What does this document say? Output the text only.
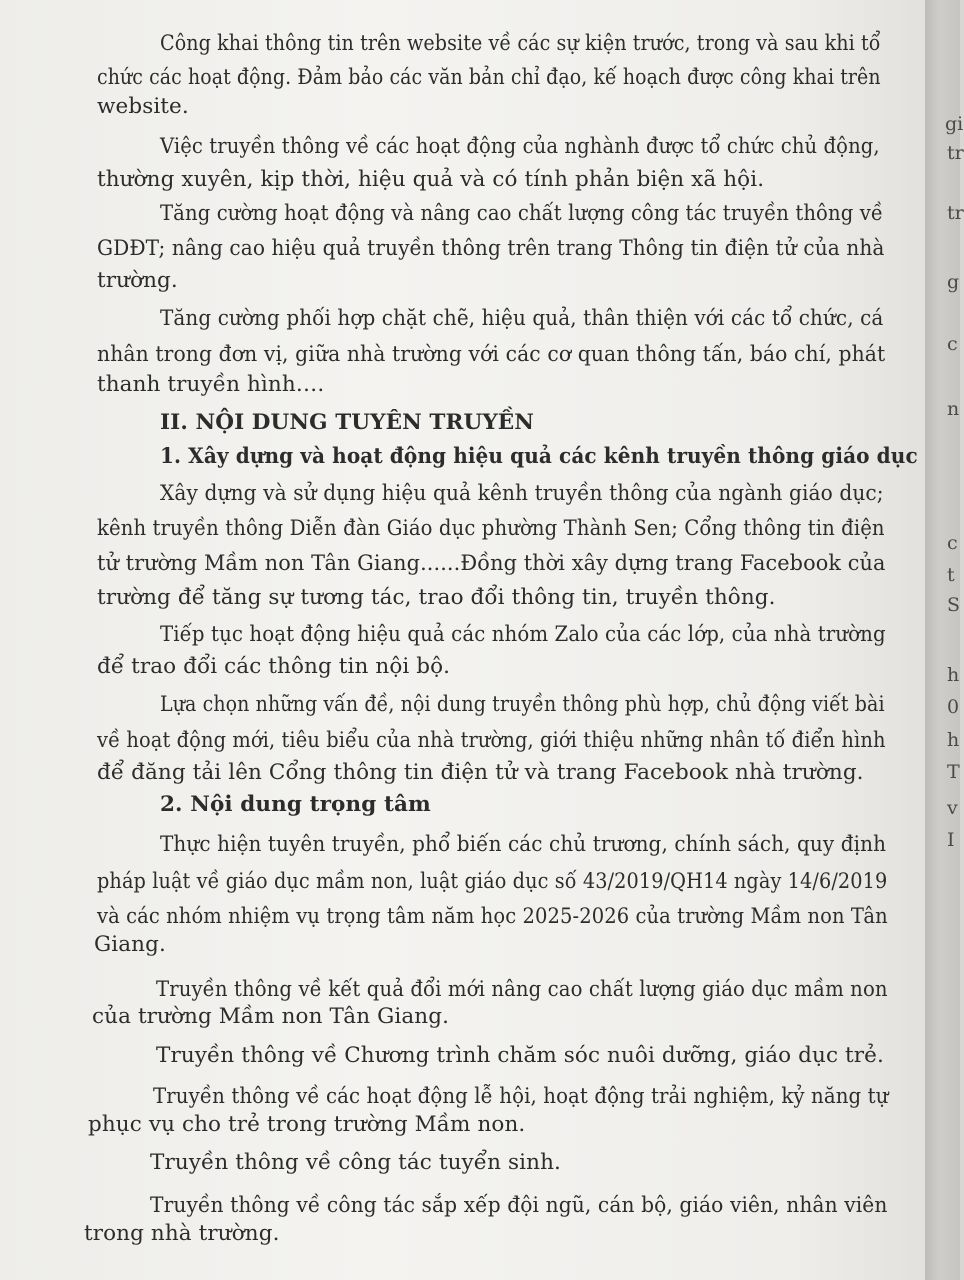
gi
tr
tr
g
c
n
c
t
S
h
0
h
T
v
I
Công khai thông tin trên website về các sự kiện trước, trong và sau khi tổ
chức các hoạt động. Đảm bảo các văn bản chỉ đạo, kế hoạch được công khai trên
website.
Việc truyền thông về các hoạt động của nghành được tổ chức chủ động,
thường xuyên, kịp thời, hiệu quả và có tính phản biện xã hội.
Tăng cường hoạt động và nâng cao chất lượng công tác truyền thông về
GDĐT; nâng cao hiệu quả truyền thông trên trang Thông tin điện tử của nhà
trường.
Tăng cường phối hợp chặt chẽ, hiệu quả, thân thiện với các tổ chức, cá
nhân trong đơn vị, giữa nhà trường với các cơ quan thông tấn, báo chí, phát
thanh truyền hình….
II. NỘI DUNG TUYÊN TRUYỀN
1. Xây dựng và hoạt động hiệu quả các kênh truyền thông giáo dục
Xây dựng và sử dụng hiệu quả kênh truyền thông của ngành giáo dục;
kênh truyền thông Diễn đàn Giáo dục phường Thành Sen; Cổng thông tin điện
tử trường Mầm non Tân Giang......Đồng thời xây dựng trang Facebook của
trường để tăng sự tương tác, trao đổi thông tin, truyền thông.
Tiếp tục hoạt động hiệu quả các nhóm Zalo của các lớp, của nhà trường
để trao đổi các thông tin nội bộ.
Lựa chọn những vấn đề, nội dung truyền thông phù hợp, chủ động viết bài
về hoạt động mới, tiêu biểu của nhà trường, giới thiệu những nhân tố điển hình
để đăng tải lên Cổng thông tin điện tử và trang Facebook nhà trường.
2. Nội dung trọng tâm
Thực hiện tuyên truyền, phổ biến các chủ trương, chính sách, quy định
pháp luật về giáo dục mầm non, luật giáo dục số 43/2019/QH14 ngày 14/6/2019
và các nhóm nhiệm vụ trọng tâm năm học 2025-2026 của trường Mầm non Tân
Giang.
Truyền thông về kết quả đổi mới nâng cao chất lượng giáo dục mầm non
của trường Mầm non Tân Giang.
Truyền thông về Chương trình chăm sóc nuôi dưỡng, giáo dục trẻ.
Truyền thông về các hoạt động lễ hội, hoạt động trải nghiệm, kỷ năng tự
phục vụ cho trẻ trong trường Mầm non.
Truyền thông về công tác tuyển sinh.
Truyền thông về công tác sắp xếp đội ngũ, cán bộ, giáo viên, nhân viên
trong nhà trường.
